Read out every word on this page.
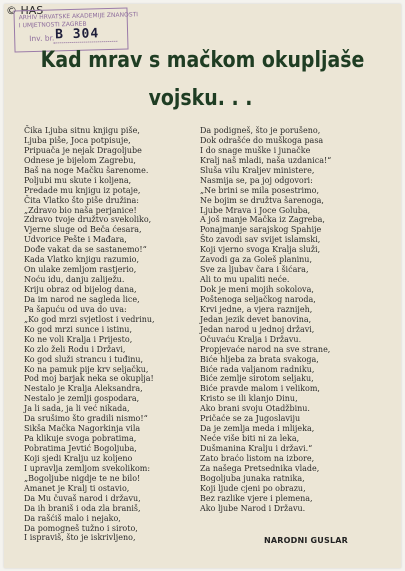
© HAS
ARHIV HRVATSKE AKADEMIJE ZNANOSTI
I UMJETNOSTI ZAGREB
Inv. br. B 304
Kad mrav s mačkom okupljaše
vojsku. . .
Čika Ljuba sitnu knjigu piše,
Ljuba piše, Joca potpisuje,
Pripuača je nejak Dragoljube
Odnese je bijelom Zagrebu,
Baš na noge Mačku šarenome.
Poljubi mu skute i koljena,
Predade mu knjigu iz potaje,
Čita Vlatko što piše družina:
„Zdravo bio naša perjanice!
Zdravo tvoje družtvo svekoliko,
Vjerne sluge od Beča ćesara,
Udvorice Pešte i Mađara,
Dođe vakat da se sastanemo!“
Kada Vlatko knjigu razumio,
On ulake zemljom rastjerio,
Noću idu, danju zaliježu.
Kriju obraz od bijelog dana,
Da im narod ne sagleda lice,
Pa šapuću od uva do uva:
„Ko god mrzi svjetlost i vedrinu,
Ko god mrzi sunce i istinu,
Ko ne voli Kralja i Prijesto,
Ko zlo želi Rodu i Državi,
Ko god služi strancu i tuđinu,
Ko na pamuk pije krv seljačku,
Pod moj barjak neka se okuplja!
Nestalo je Kralja Aleksandra,
Nestalo je zemlji gospodara,
Ja li sada, ja li već nikada,
Da srušimo što gradili nismo!“
Sikša Mačka Nagorkinja vila
Pa klikuje svoga pobratima,
Pobratima Jevtić Bogoljuba,
Koji sjedi Kralju uz koljeno
I upravlja zemljom svekolikom:
„Bogoljube nigdje te ne bilo!
Amanet je Kralj ti ostavio,
Da Mu čuvaš narod i državu,
Da ih braniš i oda zla braniš,
Da rašćiš malo i nejako,
Da pomogneš tužno i siroto,
I ispraviš, što je iskrivljeno,
Da podigneš, što je porušeno,
Dok odrašće do muškoga pasa
I do snage muške i junačke
Kralj naš mladi, naša uzdanica!“
Sluša vilu Kraljev ministere,
Nasmija se, pa joj odgovori:
„Ne brini se mila posestrimo,
Ne bojim se družtva šarenoga,
Ljube Mrava i Joce Goluba,
A još manje Mačka iz Zagreba,
Ponajmanje sarajskog Spahije
Što zavodi sav svijet islamski,
Koji vjerno svoga Kralja služi,
Zavodi ga za Goleš planinu,
Sve za ljubav čara i šićara,
Ali to mu upaliti neće.
Dok je meni mojih sokolova,
Poštenoga seljačkog naroda,
Krvi jedne, a vjera raznijeh,
Jedan jezik devet banovina,
Jedan narod u jednoj državi,
Očuvaću Kralja i Državu.
Propjevaće narod na sve strane,
Biće hljeba za brata svakoga,
Biće rada valjanom radniku,
Biće zemlje sirotom seljaku,
Biće pravde malom i velikom,
Kristo se ili klanjo Dinu,
Ako brani svoju Otadžbinu.
Pričaće se za Jugoslaviju
Da je zemlja meda i mlijeka,
Neće više biti ni za leka,
Dušmanina Kralju i državi.“
Zato braćo listom na izbore,
Za našega Pretsednika vlade,
Bogoljuba junaka ratnika,
Koji ljude cjeni po obrazu,
Bez razlike vjere i plemena,
Ako ljube Narod i Državu.
NARODNI GUSLAR
